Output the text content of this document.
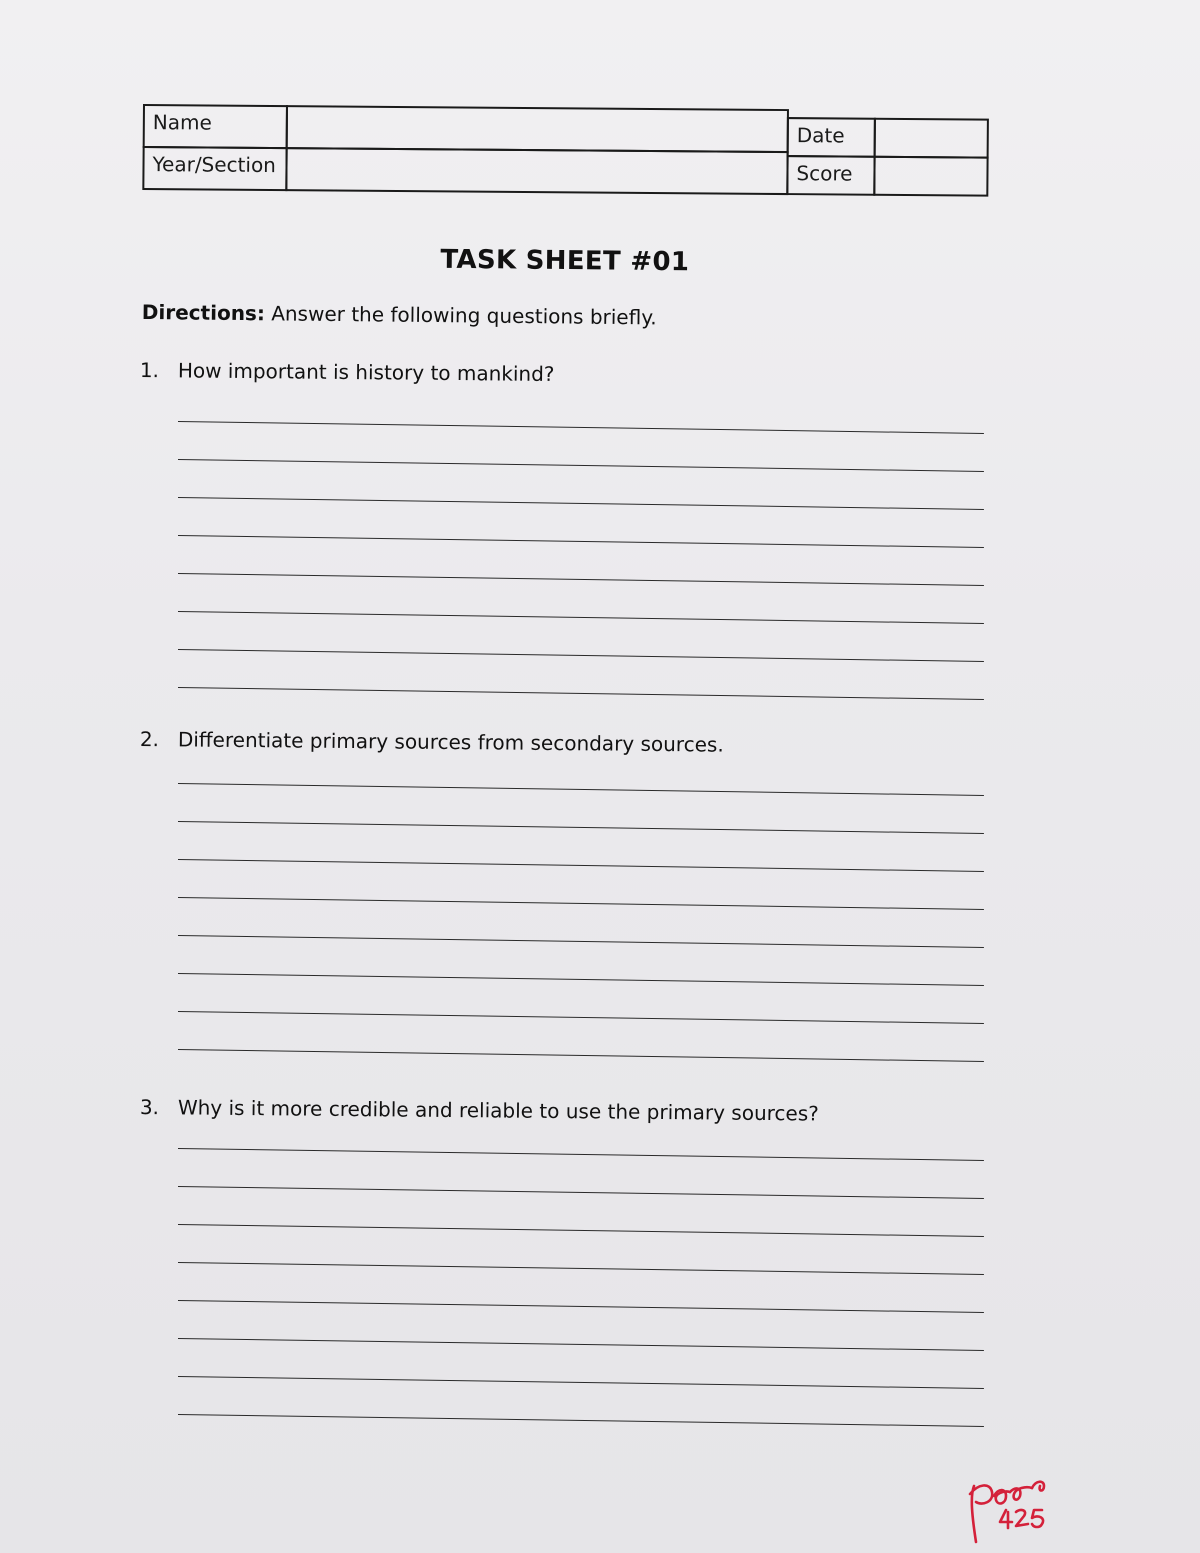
Name
Year/Section
Date
Score
TASK SHEET #01
Directions: Answer the following questions briefly.
1. How important is history to mankind?
2. Differentiate primary sources from secondary sources.
3. Why is it more credible and reliable to use the primary sources?
